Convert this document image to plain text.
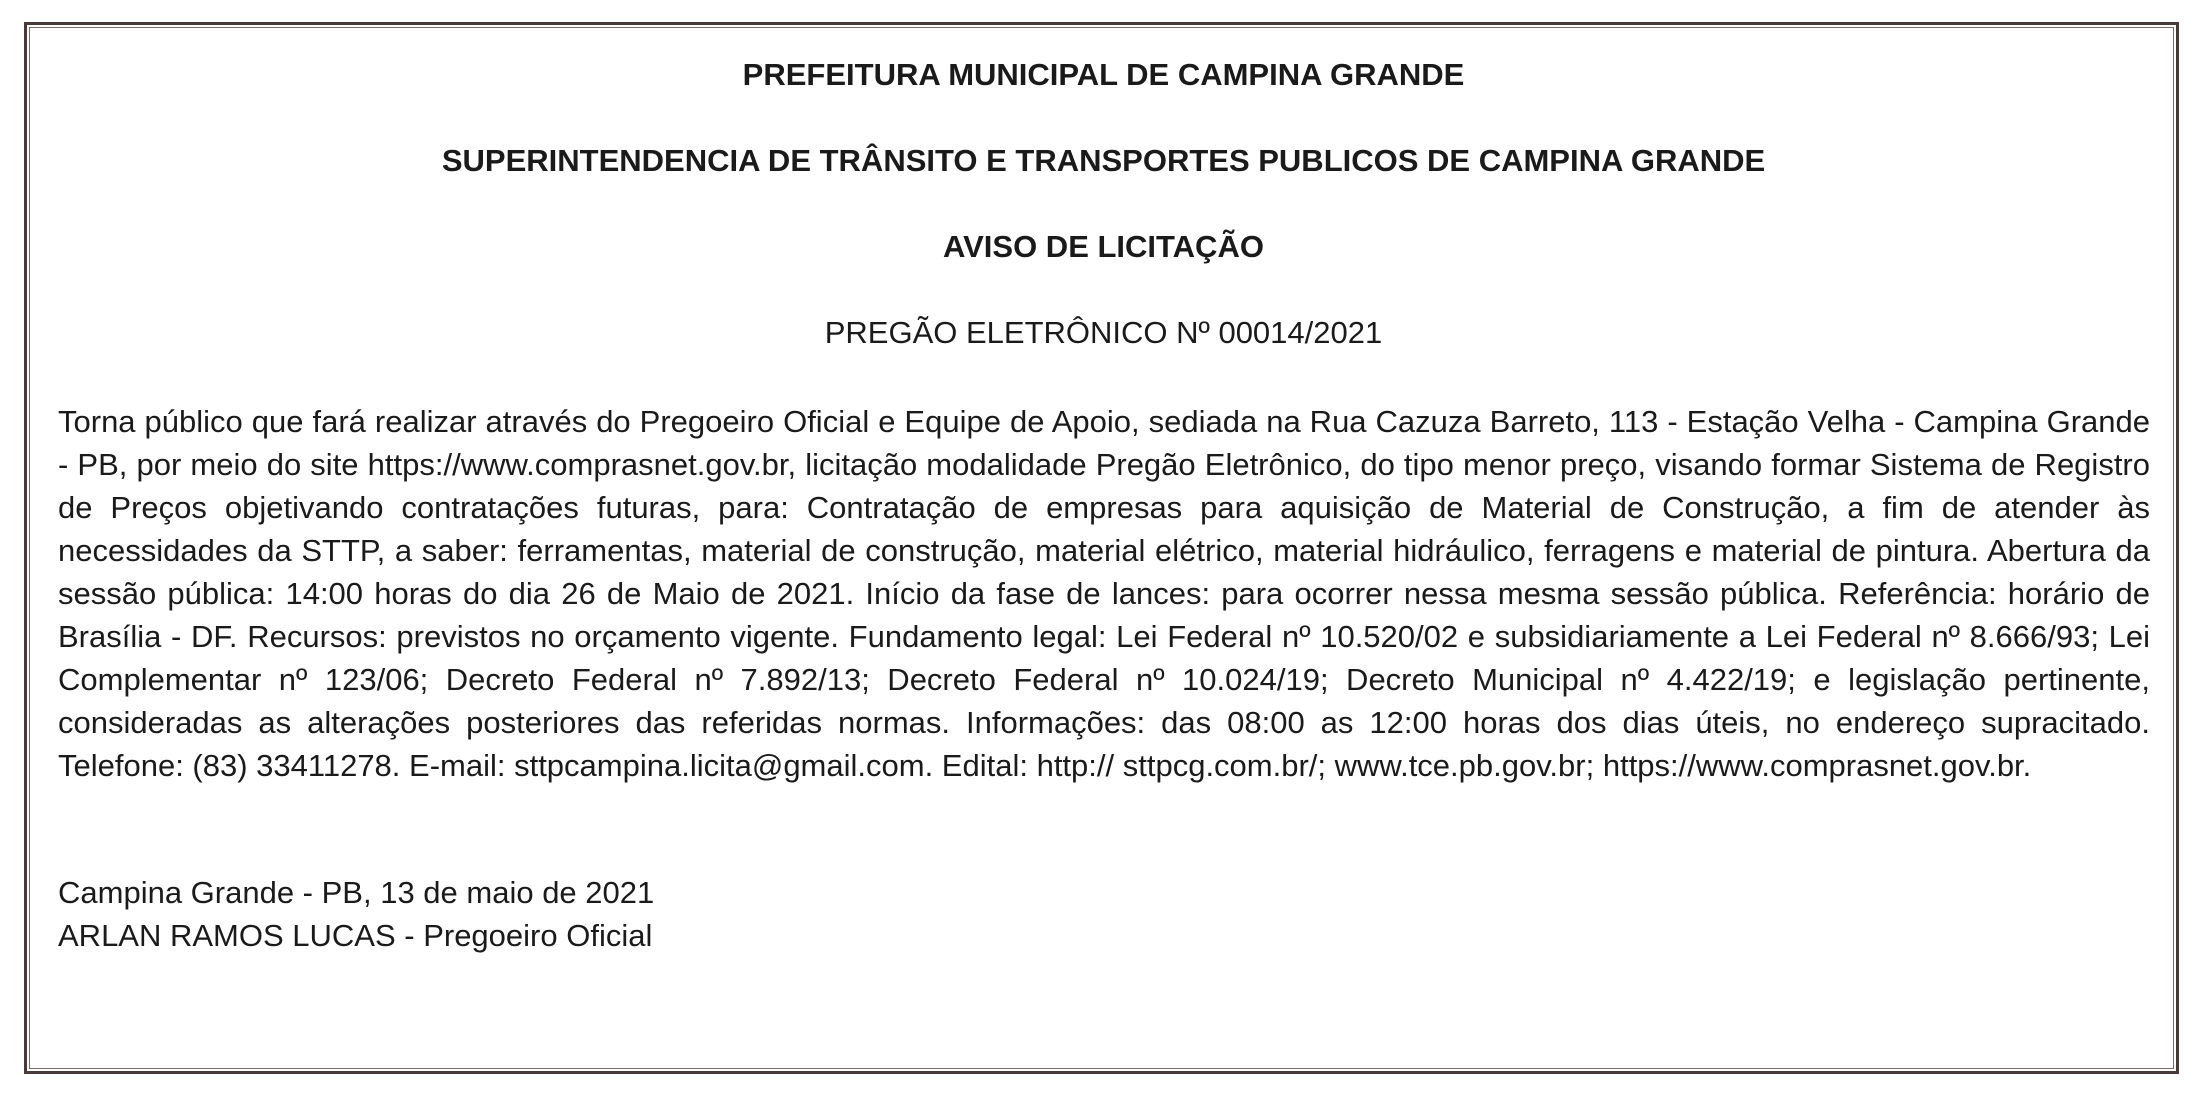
PREFEITURA MUNICIPAL DE CAMPINA GRANDE
SUPERINTENDENCIA DE TRÂNSITO E TRANSPORTES PUBLICOS DE CAMPINA GRANDE
AVISO DE LICITAÇÃO
PREGÃO ELETRÔNICO Nº 00014/2021
Torna público que fará realizar através do Pregoeiro Oficial e Equipe de Apoio, sediada na Rua Cazuza Barreto, 113 - Estação Velha - Campina Grande - PB, por meio do site https://www.comprasnet.gov.br, licitação modalidade Pregão Eletrônico, do tipo menor preço, visando formar Sistema de Registro de Preços objetivando contratações futuras, para: Contratação de empresas para aquisição de Material de Construção, a fim de atender às necessidades da STTP, a saber: ferramentas, material de construção, material elétrico, material hidráulico, ferragens e material de pintura. Abertura da sessão pública: 14:00 horas do dia 26 de Maio de 2021. Início da fase de lances: para ocorrer nessa mesma sessão pública. Referência: horário de Brasília - DF. Recursos: previstos no orçamento vigente. Fundamento legal: Lei Federal nº 10.520/02 e subsidiariamente a Lei Federal nº 8.666/93; Lei Complementar nº 123/06; Decreto Federal nº 7.892/13; Decreto Federal nº 10.024/19; Decreto Municipal nº 4.422/19; e legislação pertinente, consideradas as alterações posteriores das referidas normas. Informações: das 08:00 as 12:00 horas dos dias úteis, no endereço supracitado. Telefone: (83) 33411278. E-mail: sttpcampina.licita@gmail.com. Edital: http:// sttpcg.com.br/; www.tce.pb.gov.br; https://www.comprasnet.gov.br.
Campina Grande - PB, 13 de maio de 2021
ARLAN RAMOS LUCAS - Pregoeiro Oficial
